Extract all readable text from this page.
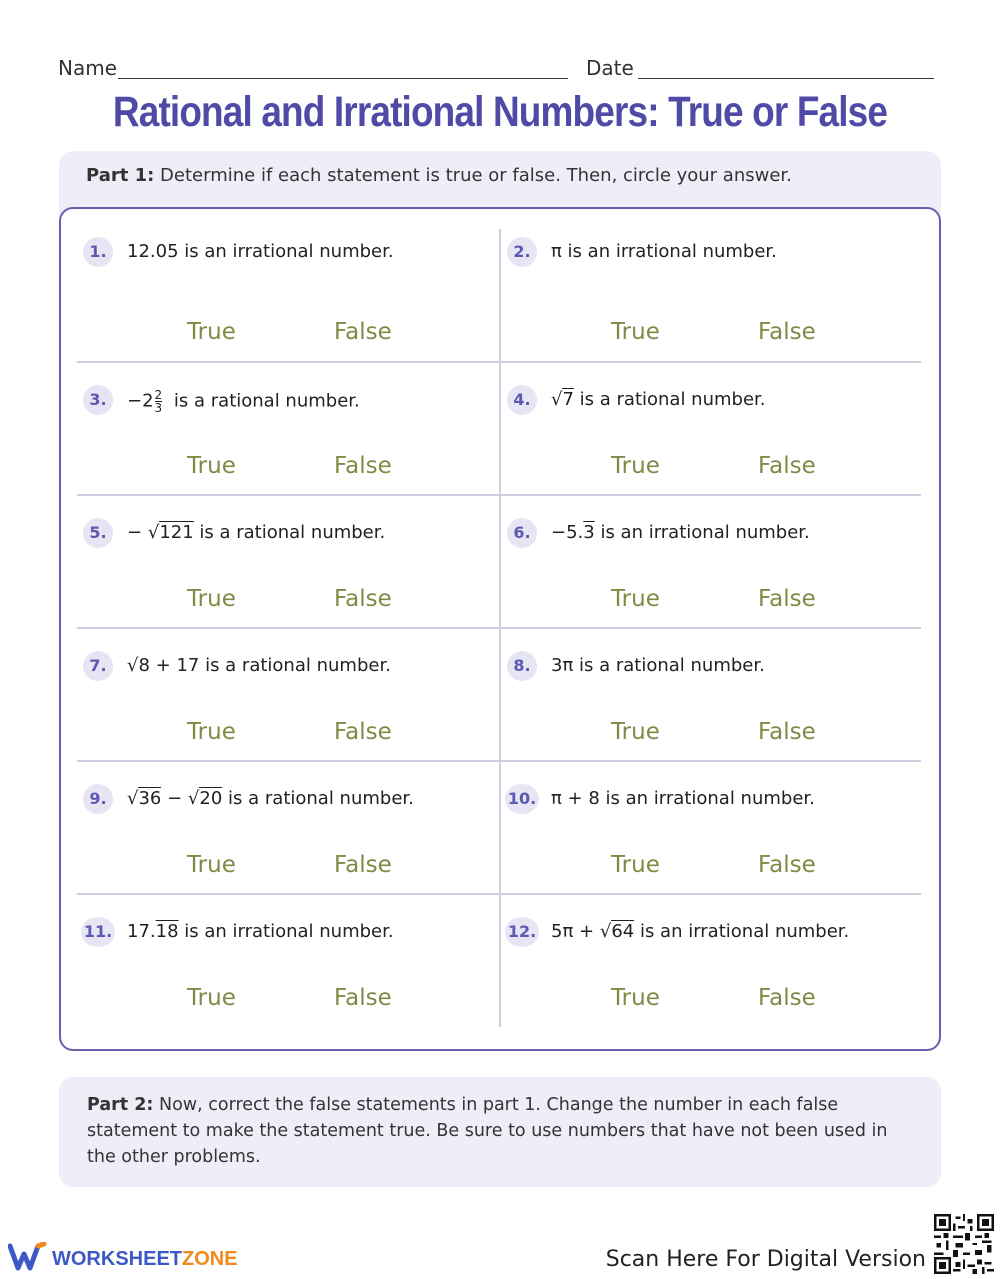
Name	Date
Rational and Irrational Numbers: True or False
Part 1: Determine if each statement is true or false. Then, circle your answer.
1.	12.05 is an irrational number.
True	False
2.	π is an irrational number.
True	False
3.	$-2 \frac{2}{3}$ is a rational number.
True	False
4.	√7 is a rational number.
True	False
5.	− √121 is a rational number.
True	False
6.	−5.3 is an irrational number.
True	False
7.	√8 + 17 is a rational number.
True	False
8.	3π is a rational number.
True	False
9.	√36 − √20 is a rational number.
True	False
10. π + 8 is an irrational number.
True	False
11. 17.18 is an irrational number.
True	False
12. 5π + √64 is an irrational number.
True	False

Part 2: Now, correct the false statements in part 1. Change the number in each false statement to make the statement true. Be sure to use numbers that have not been used in the other problems.

WORKSHEETZONE	Scan Here For Digital Version
